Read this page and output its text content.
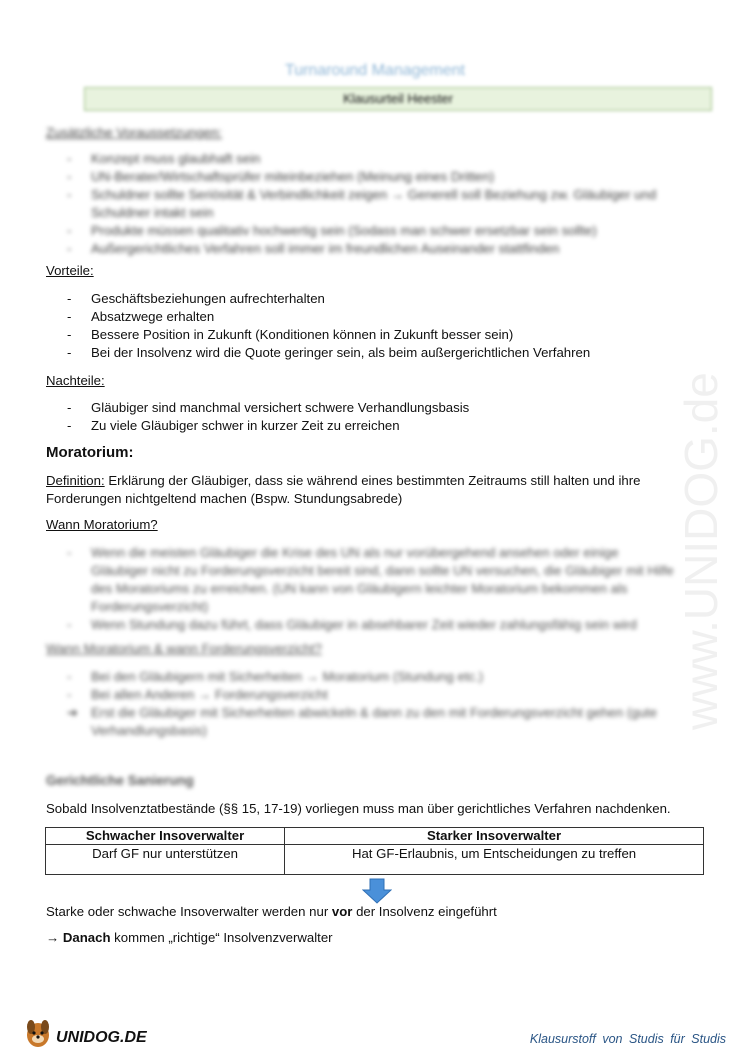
Turnaround Management
Klausurteil Heester
Zusätzliche Voraussetzungen:
-	Konzept muss glaubhaft sein
-	UN-Berater/Wirtschaftsprüfer miteinbeziehen (Meinung eines Dritten)
-	Schuldner sollte Seriösität & Verbindlichkeit zeigen → Generell soll Beziehung zw. Gläubiger und
Schuldner intakt sein
-	Produkte müssen qualitativ hochwertig sein (Sodass man schwer ersetzbar sein sollte)
-	Außergerichtliches Verfahren soll immer im freundlichen Auseinander stattfinden
Vorteile:
-	Geschäftsbeziehungen aufrechterhalten
-	Absatzwege erhalten
-	Bessere Position in Zukunft (Konditionen können in Zukunft besser sein)
-	Bei der Insolvenz wird die Quote geringer sein, als beim außergerichtlichen Verfahren
Nachteile:
-	Gläubiger sind manchmal versichert schwere Verhandlungsbasis
-	Zu viele Gläubiger schwer in kurzer Zeit zu erreichen
Moratorium:
Definition: Erklärung der Gläubiger, dass sie während eines bestimmten Zeitraums still halten und ihre
Forderungen nichtgeltend machen (Bspw. Stundungsabrede)
Wann Moratorium?
-	Wenn die meisten Gläubiger die Krise des UN als nur vorübergehend ansehen oder einige
Gläubiger nicht zu Forderungsverzicht bereit sind, dann sollte UN versuchen, die Gläubiger mit Hilfe
des Moratoriums zu erreichen. (UN kann von Gläubigern leichter Moratorium bekommen als
Forderungsverzicht)
-	Wenn Stundung dazu führt, dass Gläubiger in absehbarer Zeit wieder zahlungsfähig sein wird
Wann Moratorium & wann Forderungsverzicht?
-	Bei den Gläubigern mit Sicherheiten → Moratorium (Stundung etc.)
-	Bei allen Anderen → Forderungsverzicht
➔ Erst die Gläubiger mit Sicherheiten abwickeln & dann zu den mit Forderungsverzicht gehen (gute
Verhandlungsbasis)
Gerichtliche Sanierung
Sobald Insolvenztatbestände (§§ 15, 17-19) vorliegen muss man über gerichtliches Verfahren nachdenken.
Schwacher Insoverwalter	Starker Insoverwalter
Darf GF nur unterstützen	Hat GF-Erlaubnis, um Entscheidungen zu treffen
Starke oder schwache Insoverwalter werden nur vor der Insolvenz eingeführt
→ Danach kommen „richtige“ Insolvenzverwalter
www.UNIDOG.de
UNIDOG.DE	Klausurstoff von Studis für Studis
